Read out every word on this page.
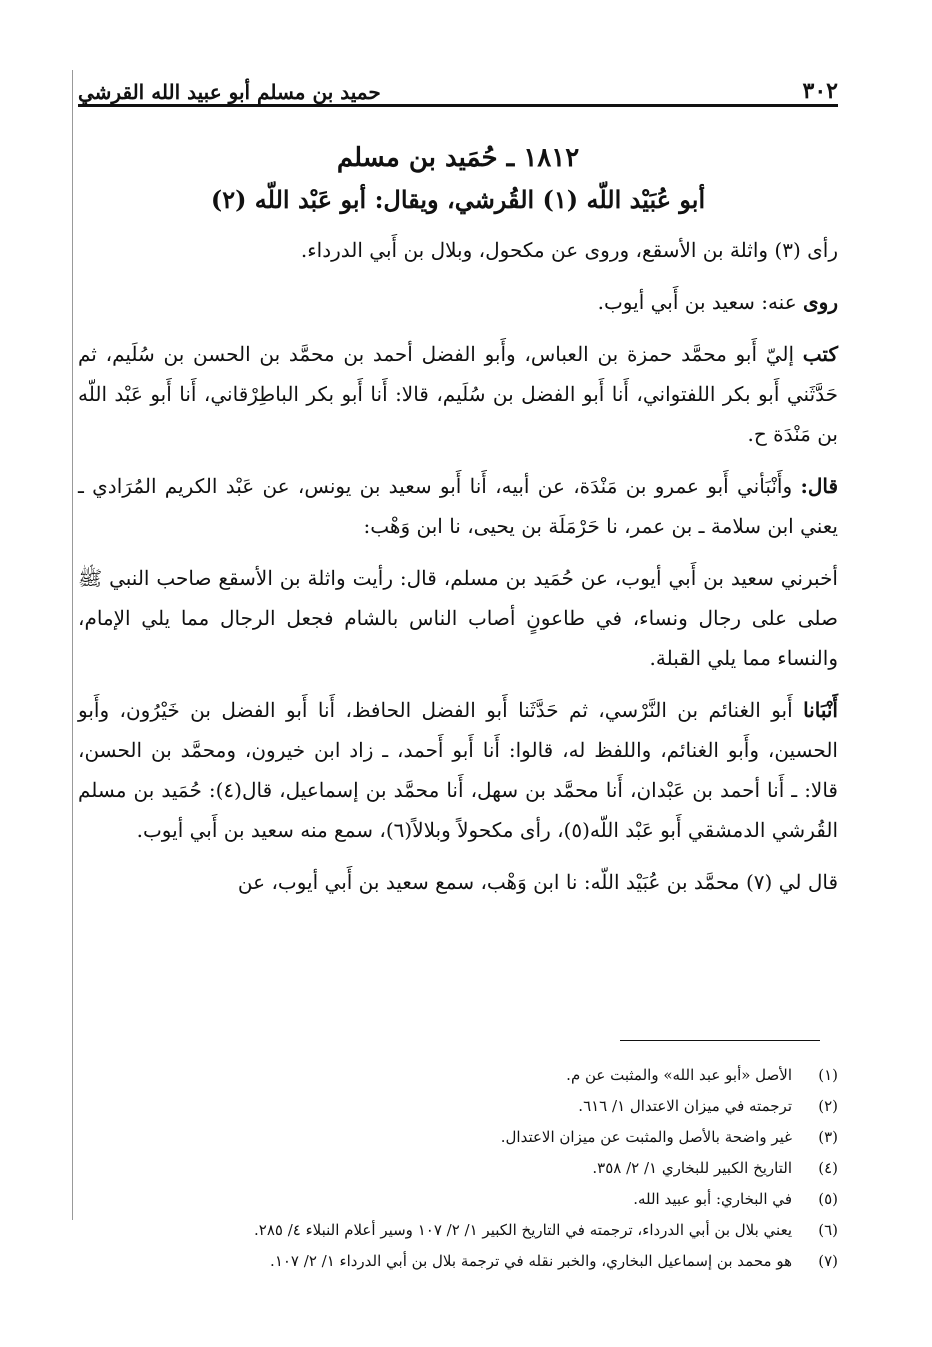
٣٠٢
حميد بن مسلم أبو عبيد الله القرشي
١٨١٢ ـ حُمَيد بن مسلم
أبو عُبَيْد اللّه (١) القُرشي، ويقال: أبو عَبْد اللّه (٢)

رأى (٣) واثلة بن الأسقع، وروى عن مكحول، وبلال بن أَبي الدرداء.

روى عنه: سعيد بن أَبي أيوب.

كتب إليّ أَبو محمَّد حمزة بن العباس، وأَبو الفضل أحمد بن محمَّد بن الحسن بن سُلَيم، ثم حَدَّثَني أَبو بكر اللفتواني، أَنا أَبو الفضل بن سُلَيم، قالا: أَنا أَبو بكر الباطِرْقاني، أَنا أَبو عَبْد اللّه بن مَنْدَة ح.

قال: وأَنْبَأني أَبو عمرو بن مَنْدَة، عن أبيه، أَنا أَبو سعيد بن يونس، عن عَبْد الكريم المُرَادي ـ يعني ابن سلامة ـ بن عمر، نا حَرْمَلَة بن يحيى، نا ابن وَهْب:

أخبرني سعيد بن أَبي أيوب، عن حُمَيد بن مسلم، قال: رأيت واثلة بن الأسقع صاحب النبي ﷺ صلى على رجال ونساء، في طاعونٍ أصاب الناس بالشام فجعل الرجال مما يلي الإمام، والنساء مما يلي القبلة.

أَنْبَانا أَبو الغنائم بن النَّرْسي، ثم حَدَّثَنا أَبو الفضل الحافظ، أَنا أَبو الفضل بن خَيْرُون، وأَبو الحسين، وأَبو الغنائم، واللفظ له، قالوا: أَنا أَبو أَحمد، ـ زاد ابن خيرون، ومحمَّد بن الحسن، قالا: ـ أَنا أحمد بن عَبْدان، أَنا محمَّد بن سهل، أَنا محمَّد بن إسماعيل، قال(٤): حُمَيد بن مسلم القُرشي الدمشقي أَبو عَبْد اللّه(٥)، رأى مكحولاً وبلالاً(٦)، سمع منه سعيد بن أَبي أيوب.

قال لي (٧) محمَّد بن عُبَيْد اللّه: نا ابن وَهْب، سمع سعيد بن أَبي أيوب، عن

(١)
الأصل «أبو عبد الله» والمثبت عن م.
(٢)
ترجمته في ميزان الاعتدال ١/ ٦١٦.
(٣)
غير واضحة بالأصل والمثبت عن ميزان الاعتدال.
(٤)
التاريخ الكبير للبخاري ١/ ٢/ ٣٥٨.
(٥)
في البخاري: أبو عبيد الله.
(٦)
يعني بلال بن أبي الدرداء، ترجمته في التاريخ الكبير ١/ ٢/ ١٠٧ وسير أعلام النبلاء ٤/ ٢٨٥.
(٧)
هو محمد بن إسماعيل البخاري، والخبر نقله في ترجمة بلال بن أبي الدرداء ١/ ٢/ ١٠٧.
